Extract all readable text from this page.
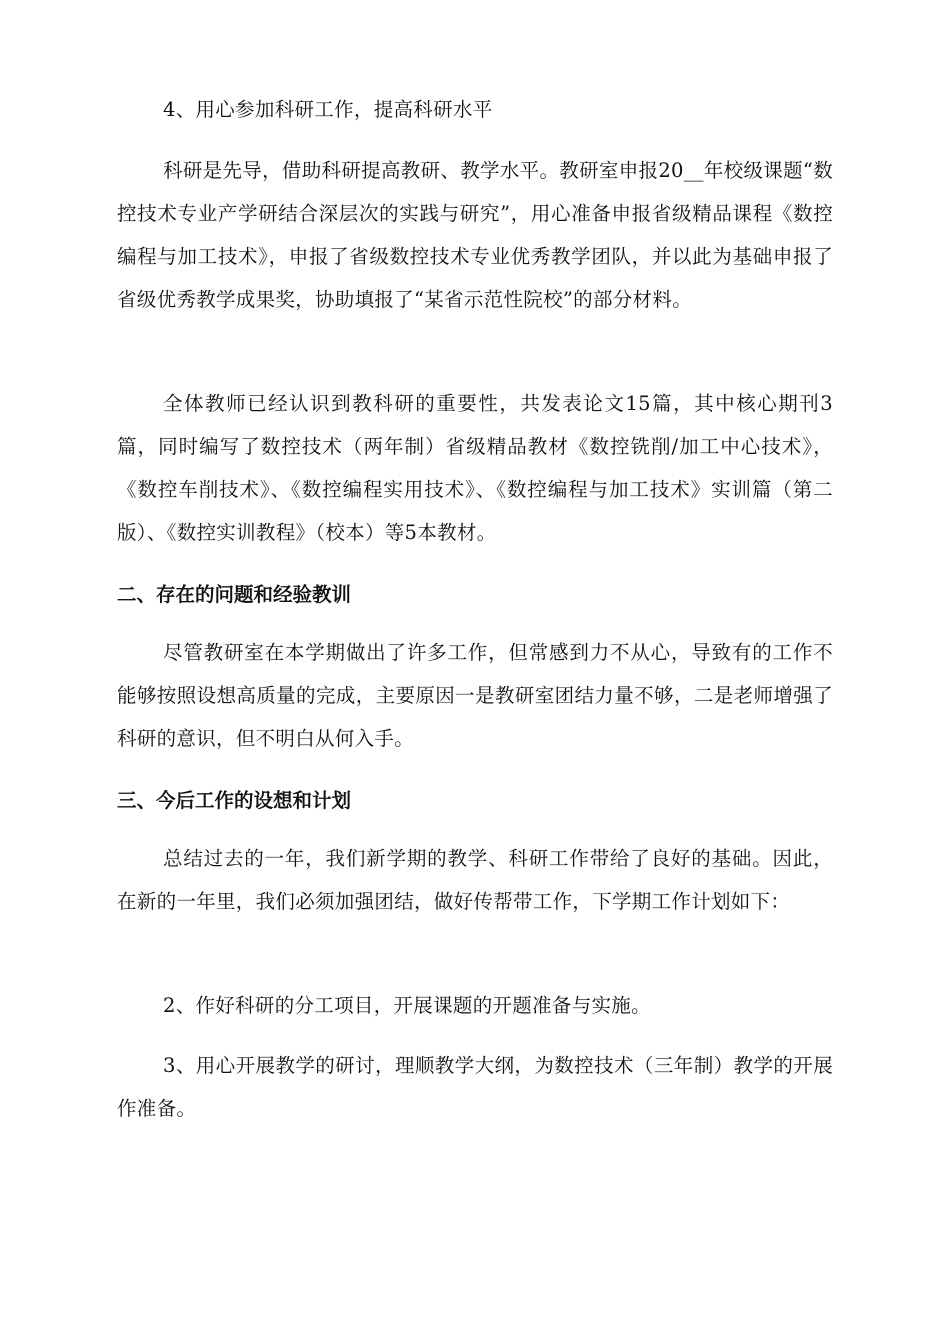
4、用心参加科研工作，提高科研水平

科研是先导，借助科研提高教研、教学水平。教研室申报20__年校级课题“数控技术专业产学研结合深层次的实践与研究”，用心准备申报省级精品课程《数控编程与加工技术》，申报了省级数控技术专业优秀教学团队，并以此为基础申报了省级优秀教学成果奖，协助填报了“某省示范性院校”的部分材料。

全体教师已经认识到教科研的重要性，共发表论文15篇，其中核心期刊3篇，同时编写了数控技术（两年制）省级精品教材《数控铣削/加工中心技术》，《数控车削技术》、《数控编程实用技术》、《数控编程与加工技术》实训篇（第二版）、《数控实训教程》（校本）等5本教材。

二、存在的问题和经验教训

尽管教研室在本学期做出了许多工作，但常感到力不从心，导致有的工作不能够按照设想高质量的完成，主要原因一是教研室团结力量不够，二是老师增强了科研的意识，但不明白从何入手。

三、今后工作的设想和计划

总结过去的一年，我们新学期的教学、科研工作带给了良好的基础。因此，在新的一年里，我们必须加强团结，做好传帮带工作，下学期工作计划如下：

2、作好科研的分工项目，开展课题的开题准备与实施。

3、用心开展教学的研讨，理顺教学大纲，为数控技术（三年制）教学的开展作准备。
